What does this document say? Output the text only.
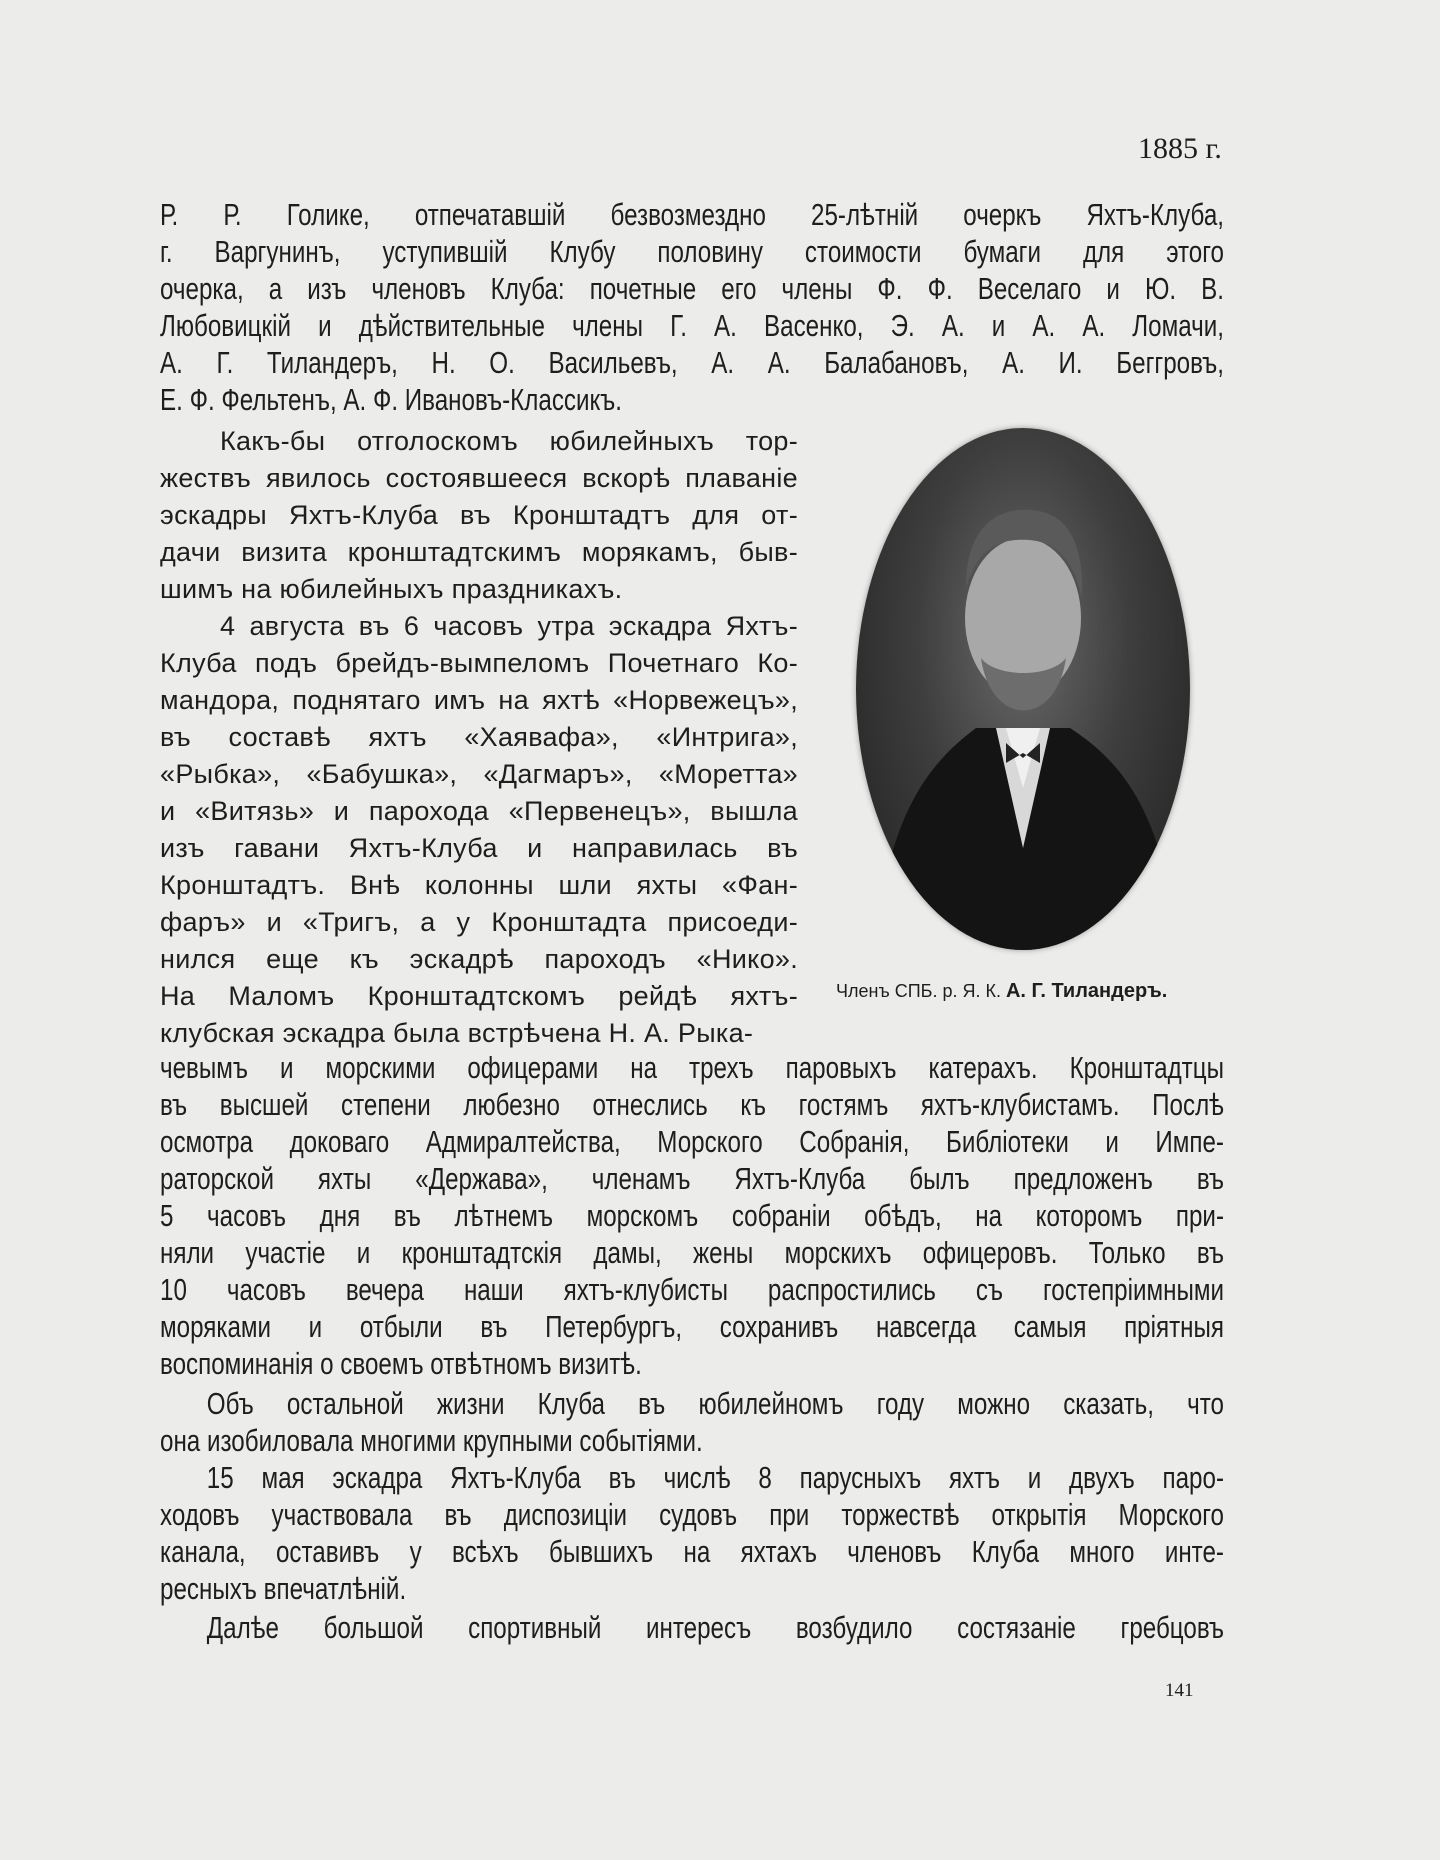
1885 г.
Р. Р. Голике, отпечатавшій безвозмездно 25-лѣтній очеркъ Яхтъ-Клуба,
г. Варгунинъ, уступившій Клубу половину стоимости бумаги для этого
очерка, а изъ членовъ Клуба: почетные его члены Ф. Ф. Веселаго и Ю. В.
Любовицкій и дѣйствительные члены Г. А. Васенко, Э. А. и А. А. Ломачи,
А. Г. Тиландеръ, Н. О. Васильевъ, А. А. Балабановъ, А. И. Беггровъ,
Е. Ф. Фельтенъ, А. Ф. Ивановъ-Классикъ.
Какъ-бы отголоскомъ юбилейныхъ тор-
жествъ явилось состоявшееся вскорѣ плаваніе
эскадры Яхтъ-Клуба въ Кронштадтъ для от-
дачи визита кронштадтскимъ морякамъ, быв-
шимъ на юбилейныхъ праздникахъ.
4 августа въ 6 часовъ утра эскадра Яхтъ-
Клуба подъ брейдъ-вымпеломъ Почетнаго Ко-
мандора, поднятаго имъ на яхтѣ «Норвежецъ»,
въ составѣ яхтъ «Хаявафа», «Интрига»,
«Рыбка», «Бабушка», «Дагмаръ», «Моретта»
и «Витязь» и парохода «Первенецъ», вышла
изъ гавани Яхтъ-Клуба и направилась въ
Кронштадтъ. Внѣ колонны шли яхты «Фан-
фаръ» и «Тригъ, а у Кронштадта присоеди-
нился еще къ эскадрѣ пароходъ «Нико».
На Маломъ Кронштадтскомъ рейдѣ яхтъ-
клубская эскадра была встрѣчена Н. А. Рыка-
Членъ СПБ. р. Я. К. А. Г. Тиландеръ.
чевымъ и морскими офицерами на трехъ паровыхъ катерахъ. Кронштадтцы
въ высшей степени любезно отнеслись къ гостямъ яхтъ-клубистамъ. Послѣ
осмотра доковаго Адмиралтейства, Морского Собранія, Библіотеки и Импе-
раторской яхты «Держава», членамъ Яхтъ-Клуба былъ предложенъ въ
5 часовъ дня въ лѣтнемъ морскомъ собраніи обѣдъ, на которомъ при-
няли участіе и кронштадтскія дамы, жены морскихъ офицеровъ. Только въ
10 часовъ вечера наши яхтъ-клубисты распростились съ гостепріимными
моряками и отбыли въ Петербургъ, сохранивъ навсегда самыя пріятныя
воспоминанія о своемъ отвѣтномъ визитѣ.
Объ остальной жизни Клуба въ юбилейномъ году можно сказать, что
она изобиловала многими крупными событіями.
15 мая эскадра Яхтъ-Клуба въ числѣ 8 парусныхъ яхтъ и двухъ паро-
ходовъ участвовала въ диспозиціи судовъ при торжествѣ открытія Морского
канала, оставивъ у всѣхъ бывшихъ на яхтахъ членовъ Клуба много инте-
ресныхъ впечатлѣній.
Далѣе большой спортивный интересъ возбудило состязаніе гребцовъ
141
